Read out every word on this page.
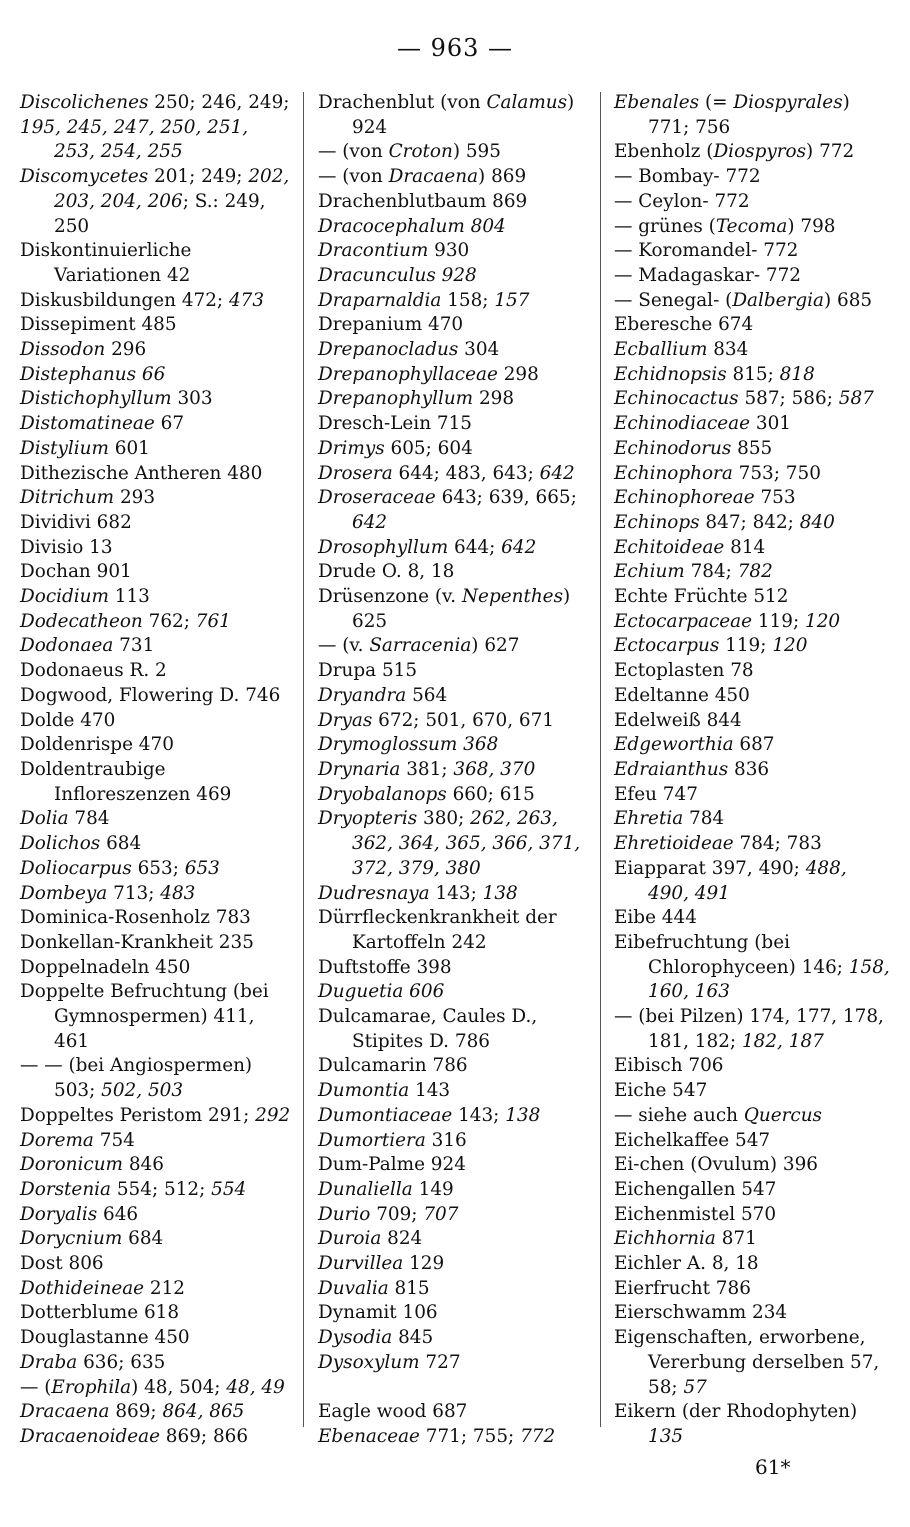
— 963 —

Discolichenes 250; 246, 249;

195, 245, 247, 250, 251, 253, 254, 255

Discomycetes 201; 249; 202, 203, 204, 206; S.: 249, 250

Diskontinuierliche Variationen 42

Diskusbildungen 472; 473

Dissepiment 485

Dissodon 296

Distephanus 66

Distichophyllum 303

Distomatineae 67

Distylium 601

Dithezische Antheren 480

Ditrichum 293

Dividivi 682

Divisio 13

Dochan 901

Docidium 113

Dodecatheon 762; 761

Dodonaea 731

Dodonaeus R. 2

Dogwood, Flowering D. 746

Dolde 470

Doldenrispe 470

Doldentraubige Infloreszenzen 469

Dolia 784

Dolichos 684

Doliocarpus 653; 653

Dombeya 713; 483

Dominica-Rosenholz 783

Donkellan-Krankheit 235

Doppelnadeln 450

Doppelte Befruchtung (bei Gymnospermen) 411, 461

— — (bei Angiospermen) 503; 502, 503

Doppeltes Peristom 291; 292

Dorema 754

Doronicum 846

Dorstenia 554; 512; 554

Doryalis 646

Dorycnium 684

Dost 806

Dothideineae 212

Dotterblume 618

Douglastanne 450

Draba 636; 635

— (Erophila) 48, 504; 48, 49

Dracaena 869; 864, 865

Dracaenoideae 869; 866

Drachenblut (von Calamus) 924

— (von Croton) 595

— (von Dracaena) 869

Drachenblutbaum 869

Dracocephalum 804

Dracontium 930

Dracunculus 928

Draparnaldia 158; 157

Drepanium 470

Drepanocladus 304

Drepanophyllaceae 298

Drepanophyllum 298

Dresch-Lein 715

Drimys 605; 604

Drosera 644; 483, 643; 642

Droseraceae 643; 639, 665; 642

Drosophyllum 644; 642

Drude O. 8, 18

Drüsenzone (v. Nepenthes) 625

— (v. Sarracenia) 627

Drupa 515

Dryandra 564

Dryas 672; 501, 670, 671

Drymoglossum 368

Drynaria 381; 368, 370

Dryobalanops 660; 615

Dryopteris 380; 262, 263, 362, 364, 365, 366, 371, 372, 379, 380

Dudresnaya 143; 138

Dürrfleckenkrankheit der Kartoffeln 242

Duftstoffe 398

Duguetia 606

Dulcamarae, Caules D., Stipites D. 786

Dulcamarin 786

Dumontia 143

Dumontiaceae 143; 138

Dumortiera 316

Dum-Palme 924

Dunaliella 149

Durio 709; 707

Duroia 824

Durvillea 129

Duvalia 815

Dynamit 106

Dysodia 845

Dysoxylum 727

Eagle wood 687

Ebenaceae 771; 755; 772

Ebenales (= Diospyrales) 771; 756

Ebenholz (Diospyros) 772

— Bombay- 772

— Ceylon- 772

— grünes (Tecoma) 798

— Koromandel- 772

— Madagaskar- 772

— Senegal- (Dalbergia) 685

Eberesche 674

Ecballium 834

Echidnopsis 815; 818

Echinocactus 587; 586; 587

Echinodiaceae 301

Echinodorus 855

Echinophora 753; 750

Echinophoreae 753

Echinops 847; 842; 840

Echitoideae 814

Echium 784; 782

Echte Früchte 512

Ectocarpaceae 119; 120

Ectocarpus 119; 120

Ectoplasten 78

Edeltanne 450

Edelweiß 844

Edgeworthia 687

Edraianthus 836

Efeu 747

Ehretia 784

Ehretioideae 784; 783

Eiapparat 397, 490; 488, 490, 491

Eibe 444

Eibefruchtung (bei Chlorophyceen) 146; 158, 160, 163

— (bei Pilzen) 174, 177, 178, 181, 182; 182, 187

Eibisch 706

Eiche 547

— siehe auch Quercus

Eichelkaffee 547

Ei-chen (Ovulum) 396

Eichengallen 547

Eichenmistel 570

Eichhornia 871

Eichler A. 8, 18

Eierfrucht 786

Eierschwamm 234

Eigenschaften, erworbene, Vererbung derselben 57, 58; 57

Eikern (der Rhodophyten) 135

61*
